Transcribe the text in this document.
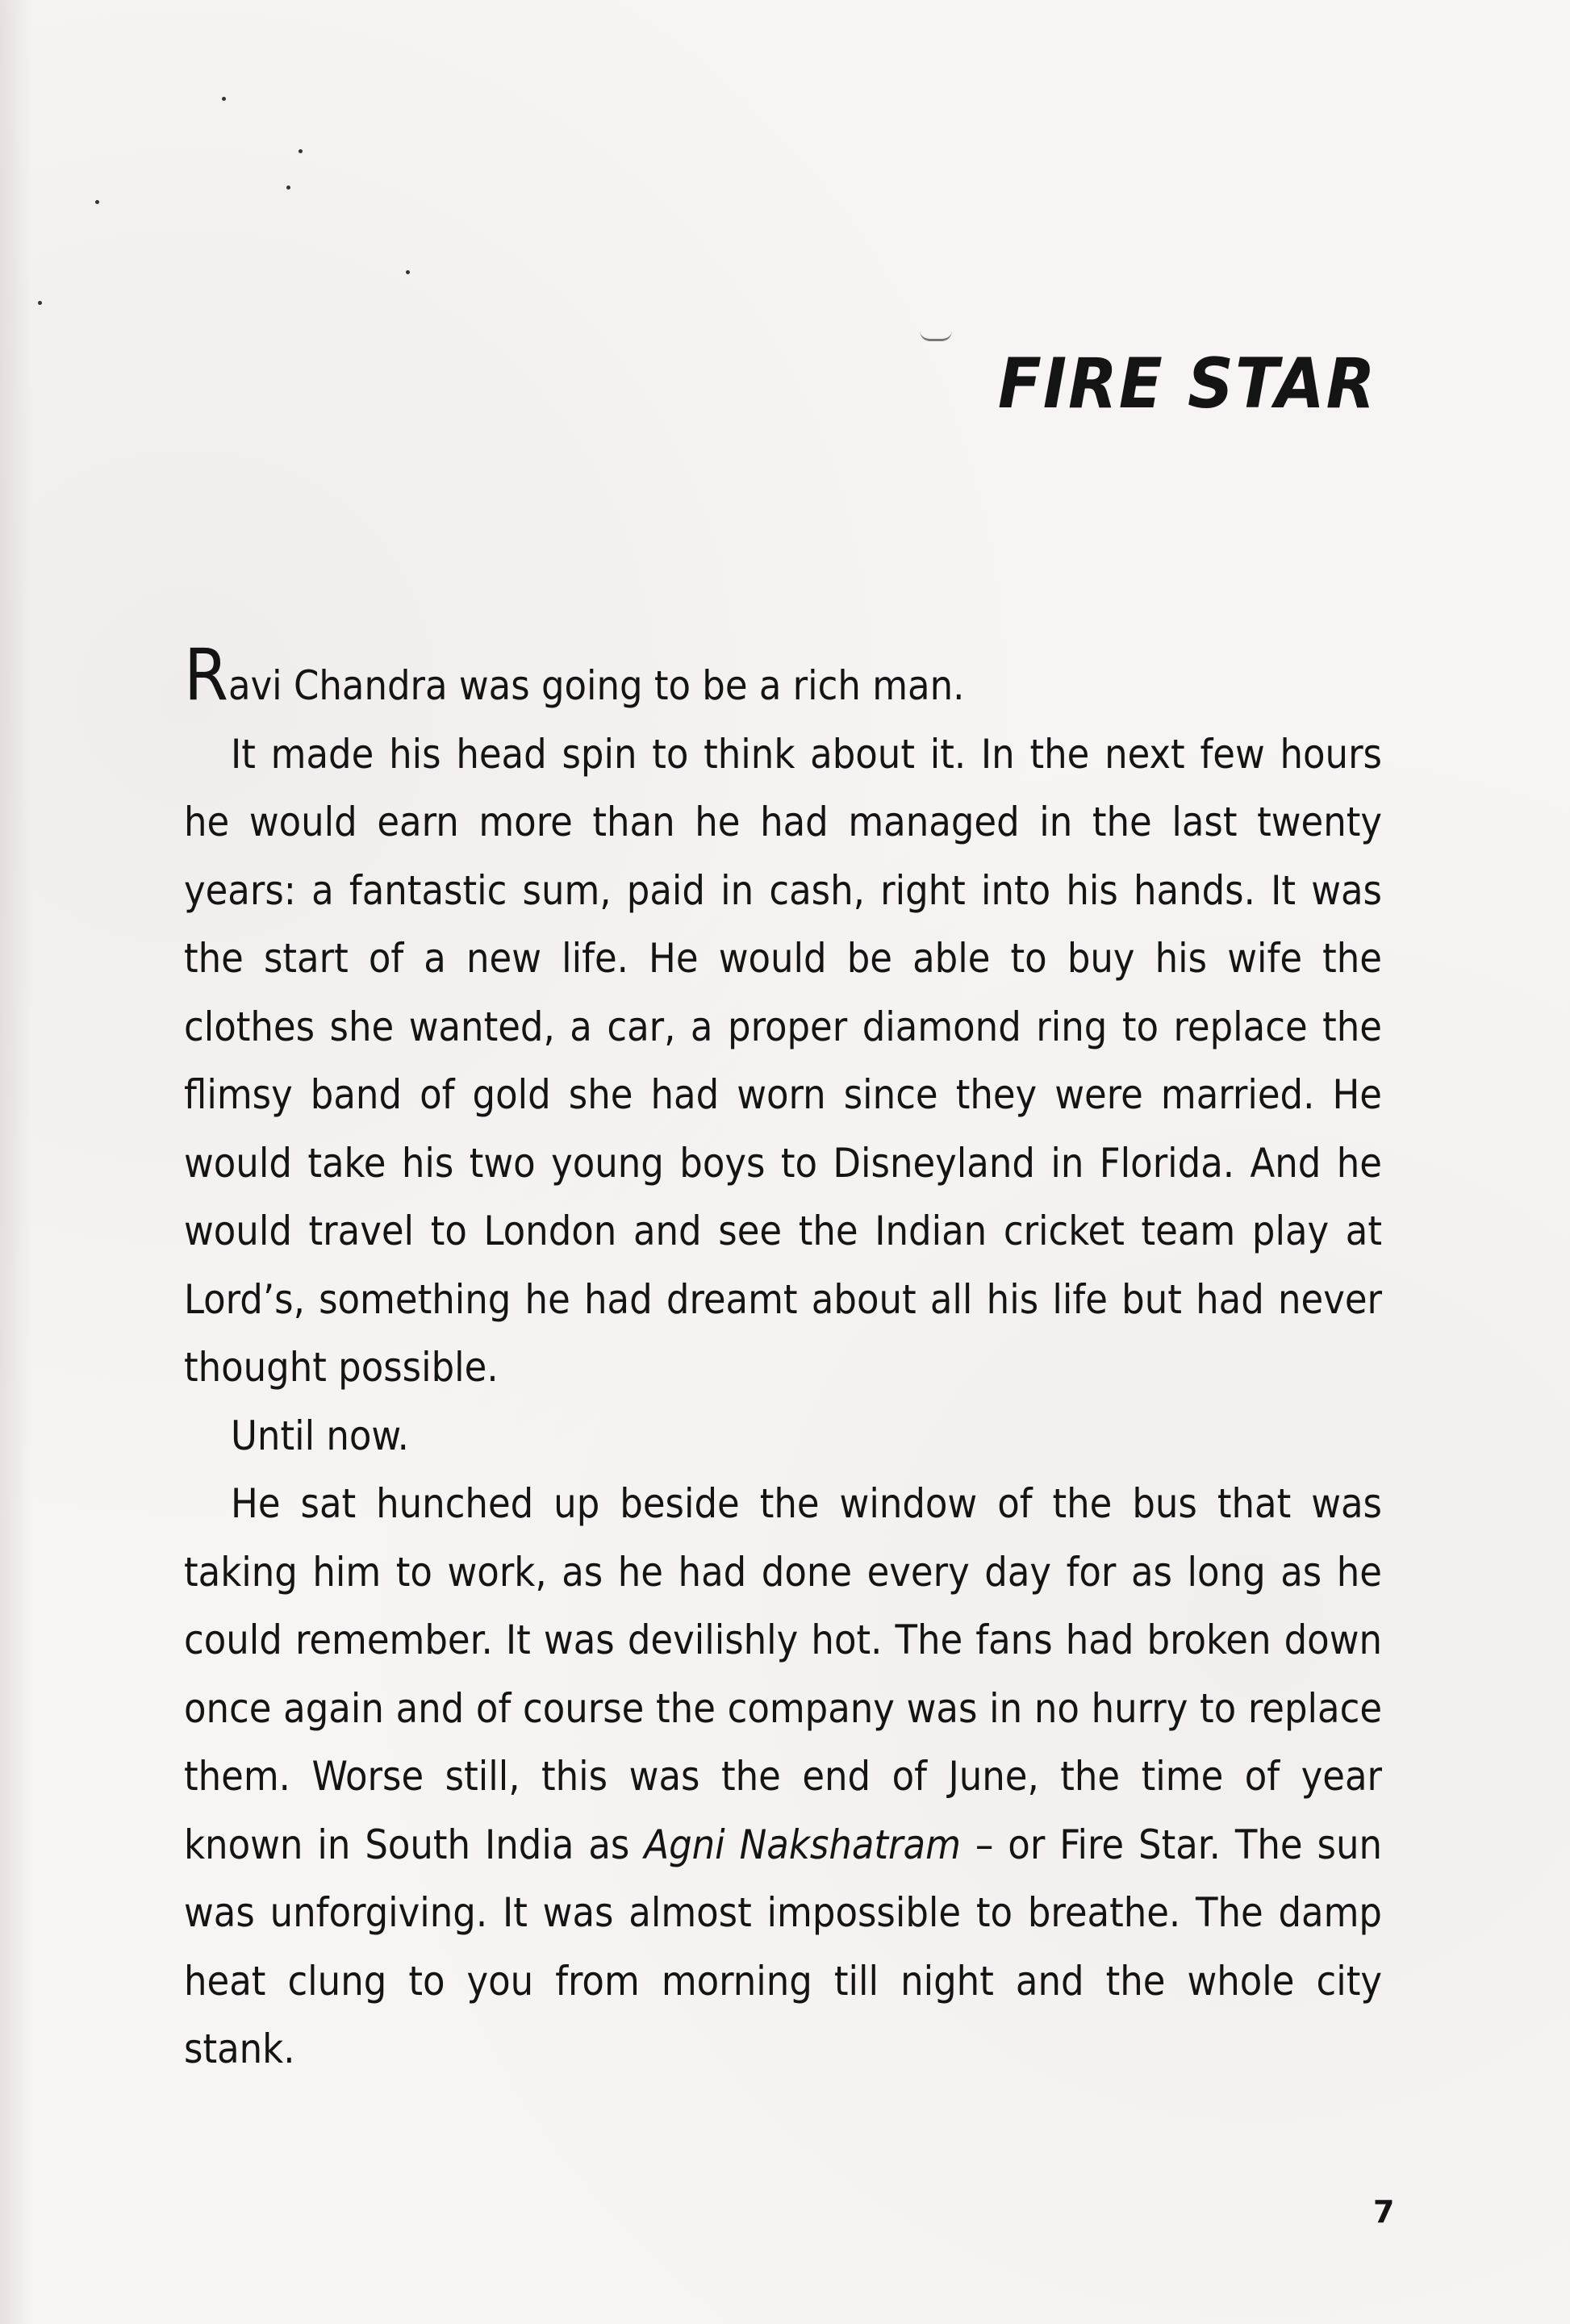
FIRE STAR

Ravi Chandra was going to be a rich man.

It made his head spin to think about it. In the next few hours he would earn more than he had managed in the last twenty years: a fantastic sum, paid in cash, right into his hands. It was the start of a new life. He would be able to buy his wife the clothes she wanted, a car, a proper diamond ring to replace the flimsy band of gold she had worn since they were married. He would take his two young boys to Disneyland in Florida. And he would travel to London and see the Indian cricket team play at Lord’s, something he had dreamt about all his life but had never thought possible.

Until now.

He sat hunched up beside the window of the bus that was taking him to work, as he had done every day for as long as he could remember. It was devilishly hot. The fans had broken down once again and of course the company was in no hurry to replace them. Worse still, this was the end of June, the time of year known in South India as Agni Nakshatram – or Fire Star. The sun was unforgiving. It was almost impossible to breathe. The damp heat clung to you from morning till night and the whole city stank.

7
